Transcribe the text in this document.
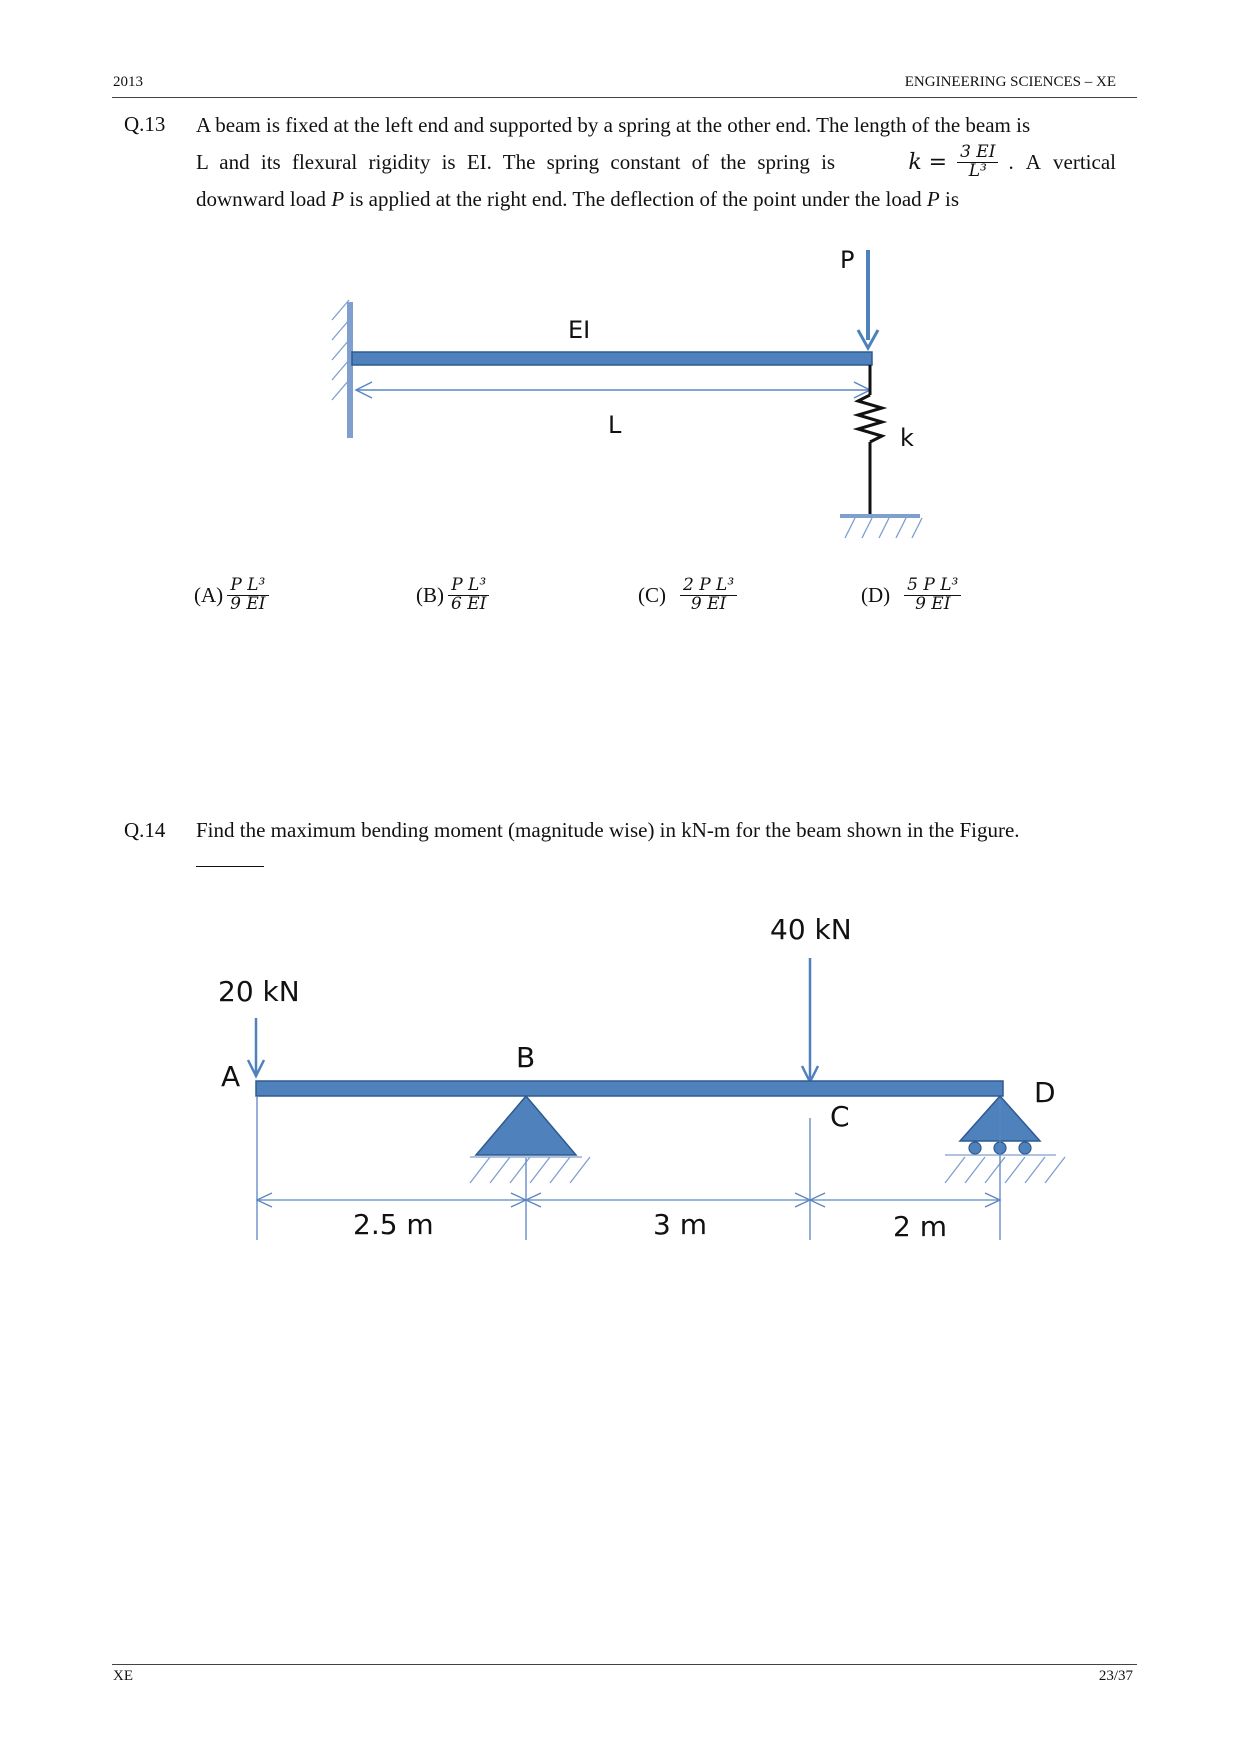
2013	ENGINEERING SCIENCES – XE
Q.13 A beam is fixed at the left end and supported by a spring at the other end. The length of the beam is
L and its flexural rigidity is EI. The spring constant of the spring is	$k = \frac{3 EI}{\text{L³}}$ . A vertical
downward load P is applied at the right end. The deflection of the point under the load P is
EI
L
P
k
$(A) \frac{\text{P L³}}{9 EI}$	$(B) \frac{\text{P L³}}{6 EI}$	$(C) \frac{\text{2 P L³}}{9 EI}$	$(D) \frac{\text{5 P L³}}{9 EI}$
Q.14 Find the maximum bending moment (magnitude wise) in kN-m for the beam shown in the Figure.
20 kN
40 kN
A
B
C
D
2.5 m	3 m	2 m
XE	23/37
